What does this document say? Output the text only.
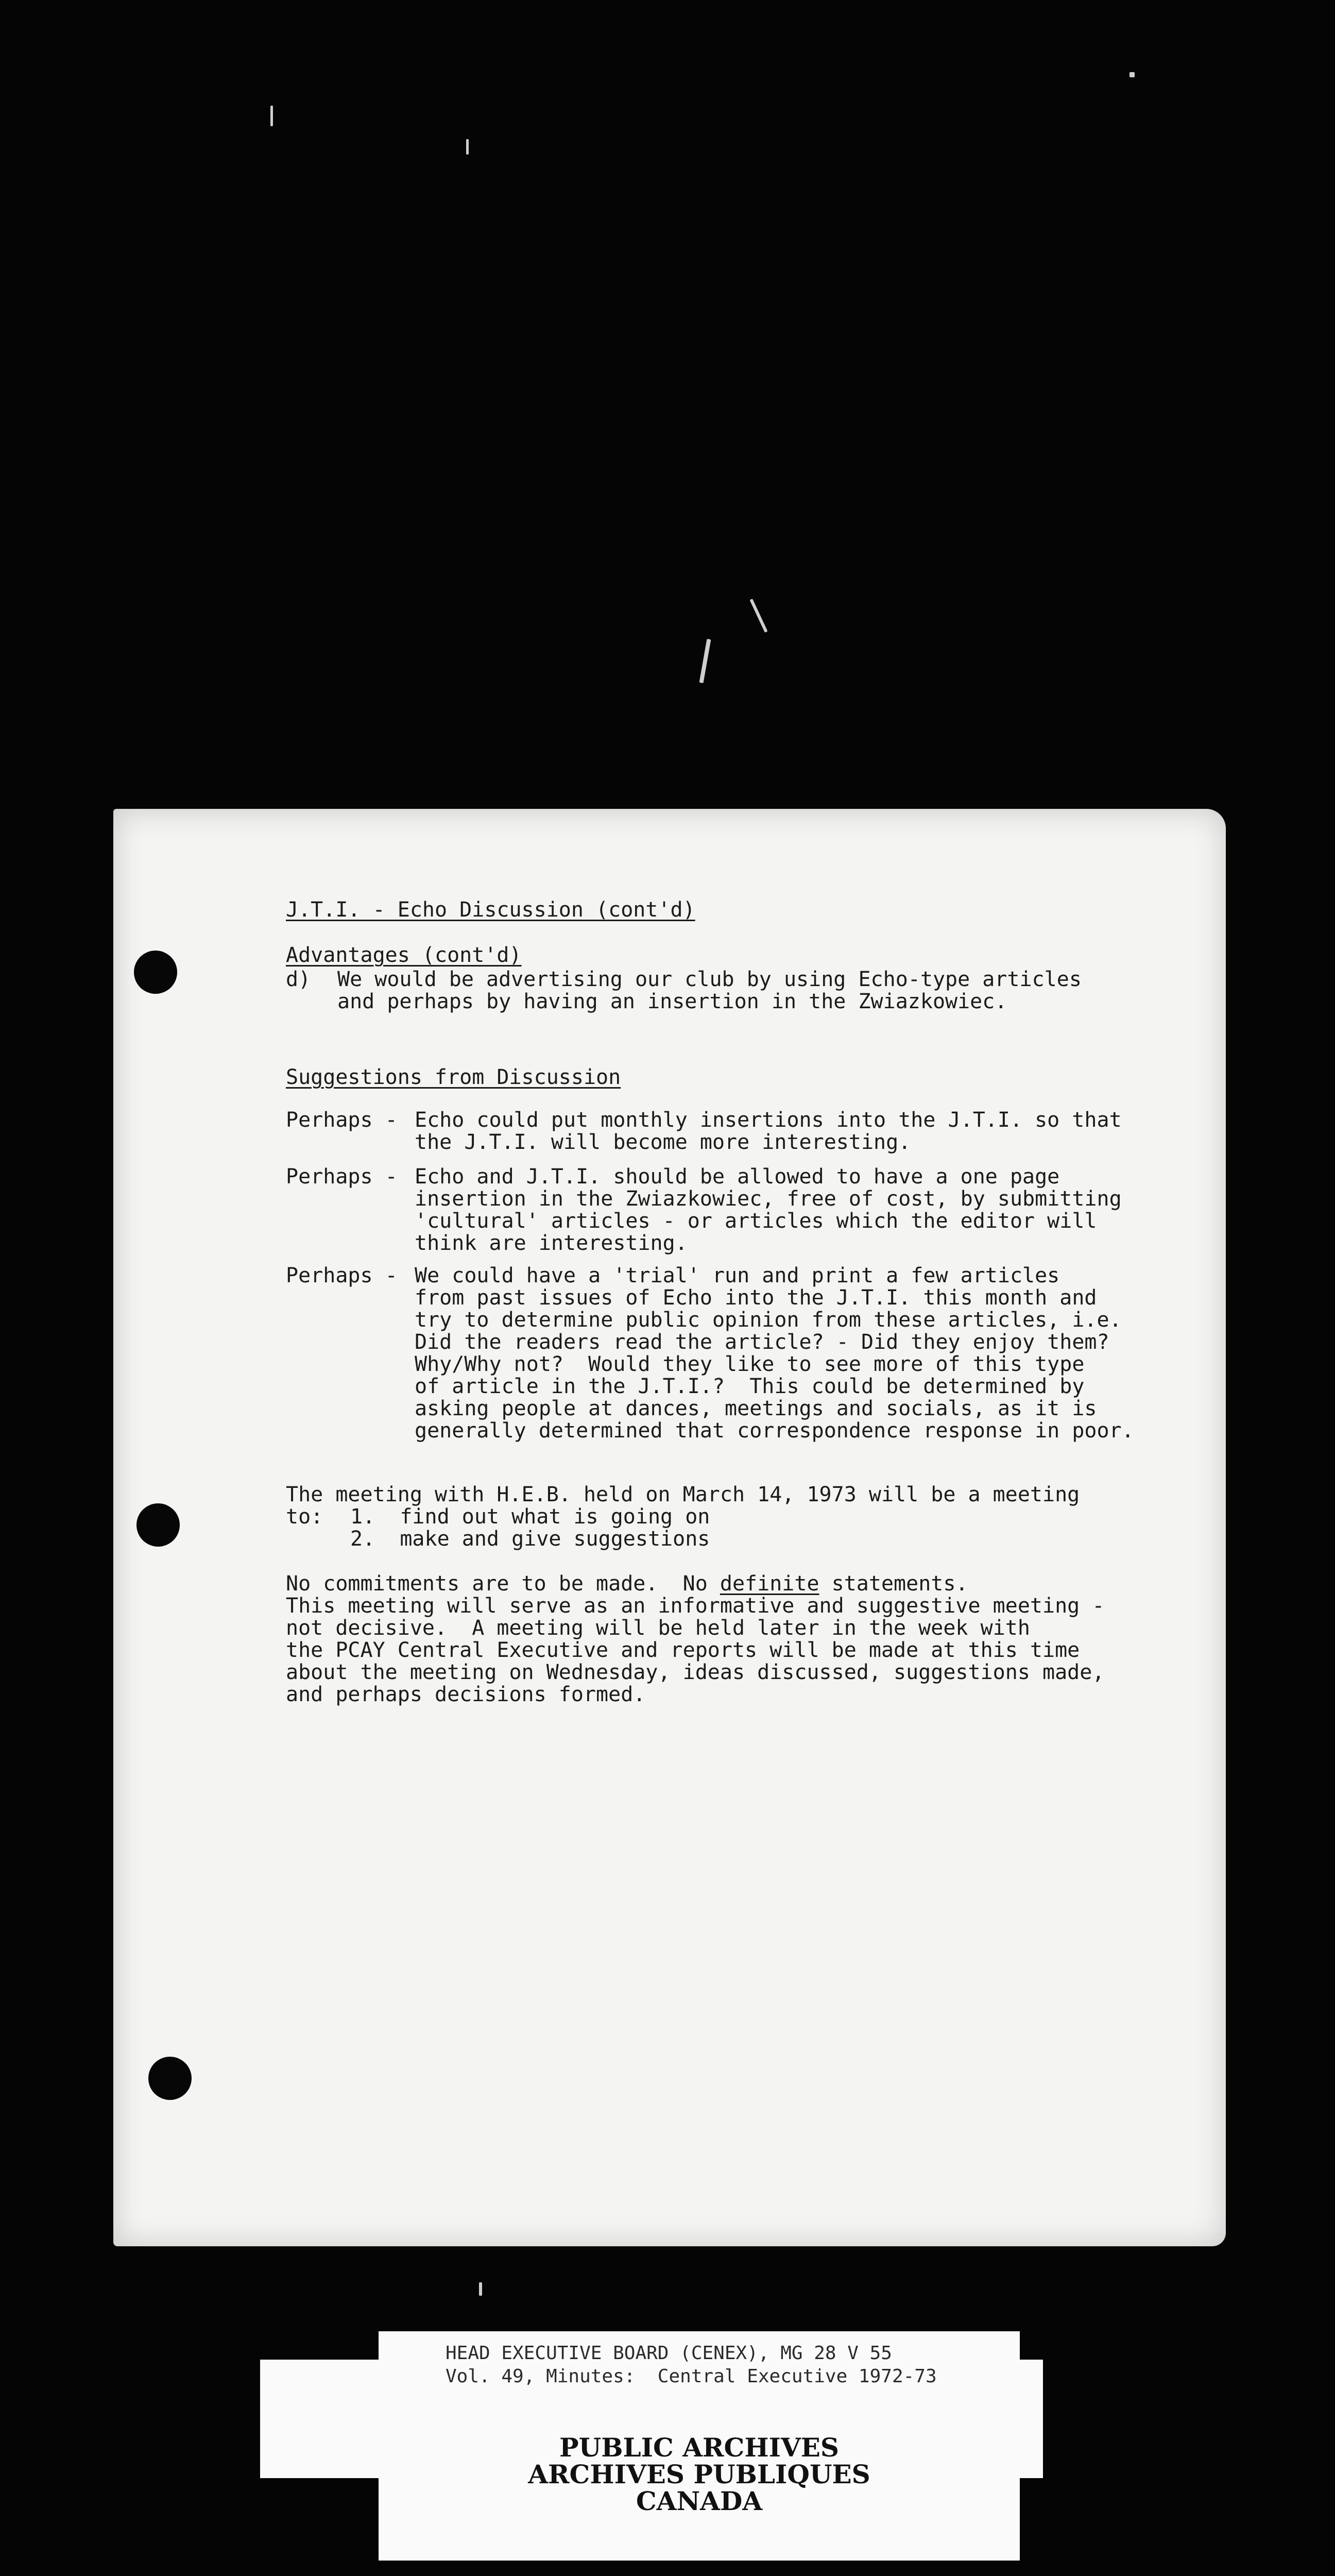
J.T.I. - Echo Discussion (cont'd)
Advantages (cont'd)
d) We would be advertising our club by using Echo-type articles
and perhaps by having an insertion in the Zwiazkowiec.
Suggestions from Discussion
Perhaps - Echo could put monthly insertions into the J.T.I. so that
the J.T.I. will become more interesting.
Perhaps - Echo and J.T.I. should be allowed to have a one page
insertion in the Zwiazkowiec, free of cost, by submitting
'cultural' articles - or articles which the editor will
think are interesting.
Perhaps - We could have a 'trial' run and print a few articles
from past issues of Echo into the J.T.I. this month and
try to determine public opinion from these articles, i.e.
Did the readers read the article? - Did they enjoy them?
Why/Why not?  Would they like to see more of this type
of article in the J.T.I.?  This could be determined by
asking people at dances, meetings and socials, as it is
generally determined that correspondence response in poor.
The meeting with H.E.B. held on March 14, 1973 will be a meeting
to: 1.  find out what is going on
2.  make and give suggestions
No commitments are to be made.  No definite statements.
This meeting will serve as an informative and suggestive meeting -
not decisive.  A meeting will be held later in the week with
the PCAY Central Executive and reports will be made at this time
about the meeting on Wednesday, ideas discussed, suggestions made,
and perhaps decisions formed.
HEAD EXECUTIVE BOARD (CENEX), MG 28 V 55
Vol. 49, Minutes:  Central Executive 1972-73
PUBLIC ARCHIVES
ARCHIVES PUBLIQUES
CANADA
